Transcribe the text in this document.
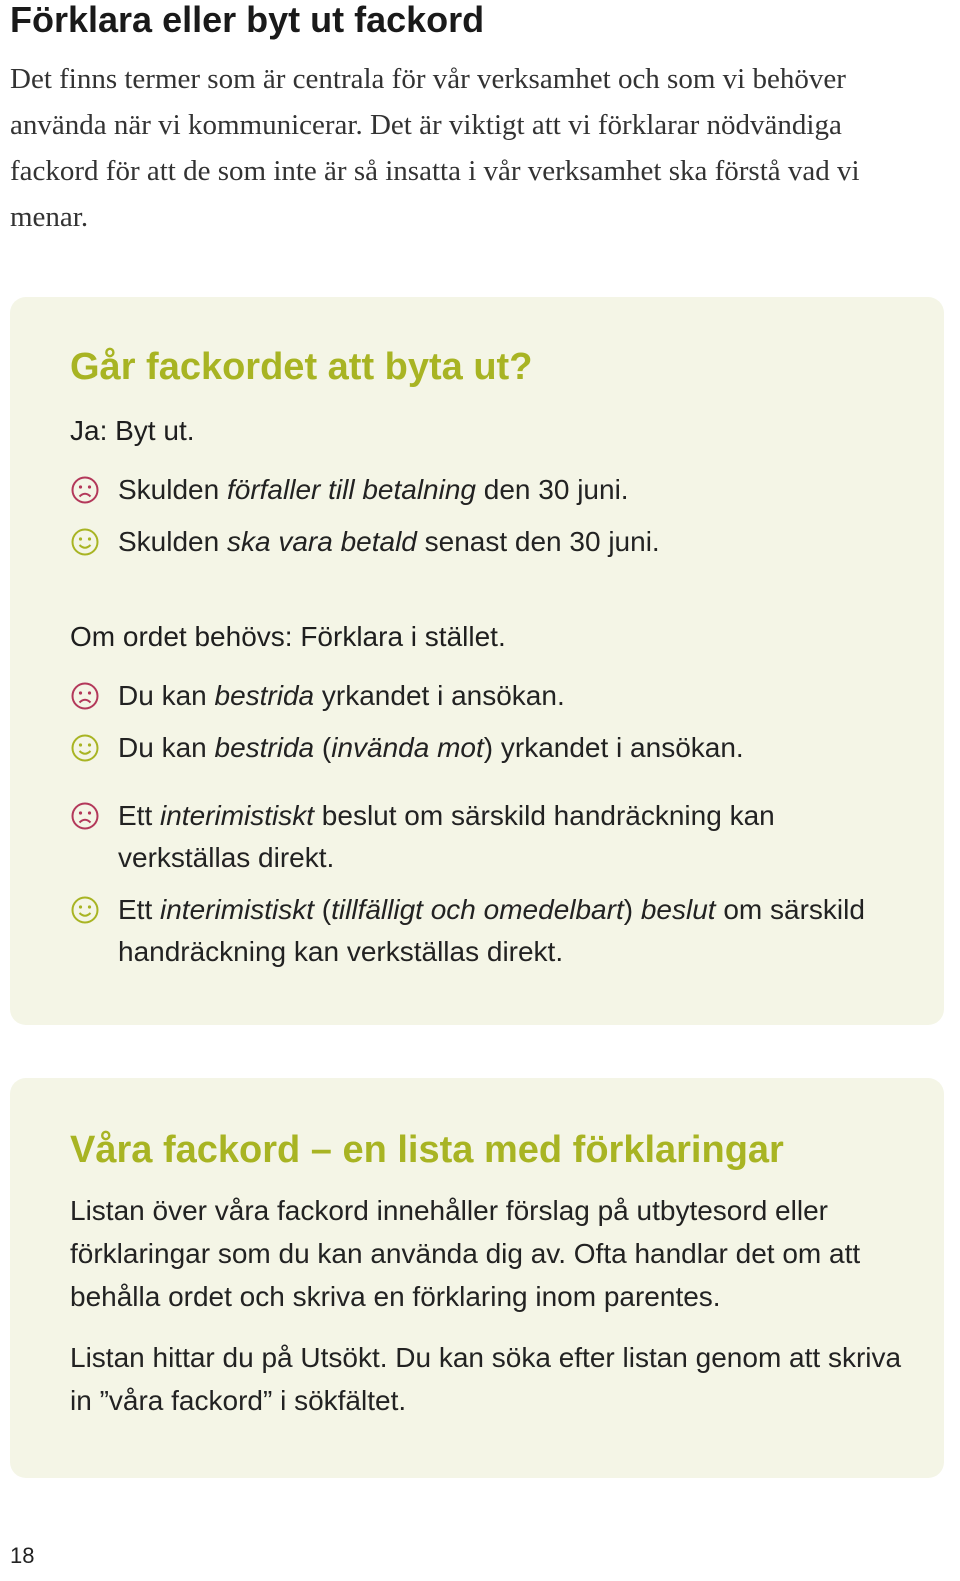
Förklara eller byt ut fackord

Det finns termer som är centrala för vår verksamhet och som vi behöver använda när vi kommunicerar. Det är viktigt att vi förklarar nödvändiga fackord för att de som inte är så insatta i vår verksamhet ska förstå vad vi menar.

Går fackordet att byta ut?

Ja: Byt ut.

Skulden förfaller till betalning den 30 juni.
Skulden ska vara betald senast den 30 juni.

Om ordet behövs: Förklara i stället.

Du kan bestrida yrkandet i ansökan.
Du kan bestrida (invända mot) yrkandet i ansökan.
Ett interimistiskt beslut om särskild handräckning kan verkställas direkt.
Ett interimistiskt (tillfälligt och omedelbart) beslut om särskild handräckning kan verkställas direkt.
Våra fackord – en lista med förklaringar

Listan över våra fackord innehåller förslag på utbytesord eller förklaringar som du kan använda dig av. Ofta handlar det om att behålla ordet och skriva en förklaring inom parentes.

Listan hittar du på Utsökt. Du kan söka efter listan genom att skriva in ”våra fackord” i sökfältet.

18
